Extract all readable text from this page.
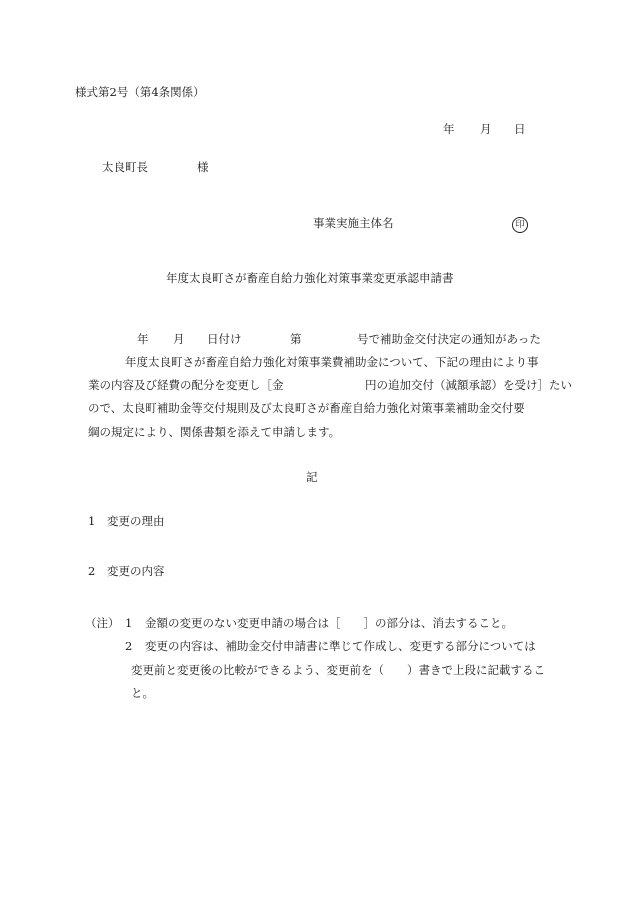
様式第2号（第4条関係）
年 月 日
太良町長	様
事業実施主体名	印
年度太良町さが畜産自給力強化対策事業変更承認申請書
年 月 日付け	第	号で補助金交付決定の通知があった
年度太良町さが畜産自給力強化対策事業費補助金について、下記の理由により事
業の内容及び経費の配分を変更し［金	円の追加交付（減額承認）を受け］たい
ので、太良町補助金等交付規則及び太良町さが畜産自給力強化対策事業補助金交付要
綱の規定により、関係書類を添えて申請します。
記
1 変更の理由
2 変更の内容
（注） 1 金額の変更のない変更申請の場合は［　　］の部分は、消去すること。
2 変更の内容は、補助金交付申請書に準じて作成し、変更する部分については
変更前と変更後の比較ができるよう、変更前を（　　）書きで上段に記載するこ
と。
